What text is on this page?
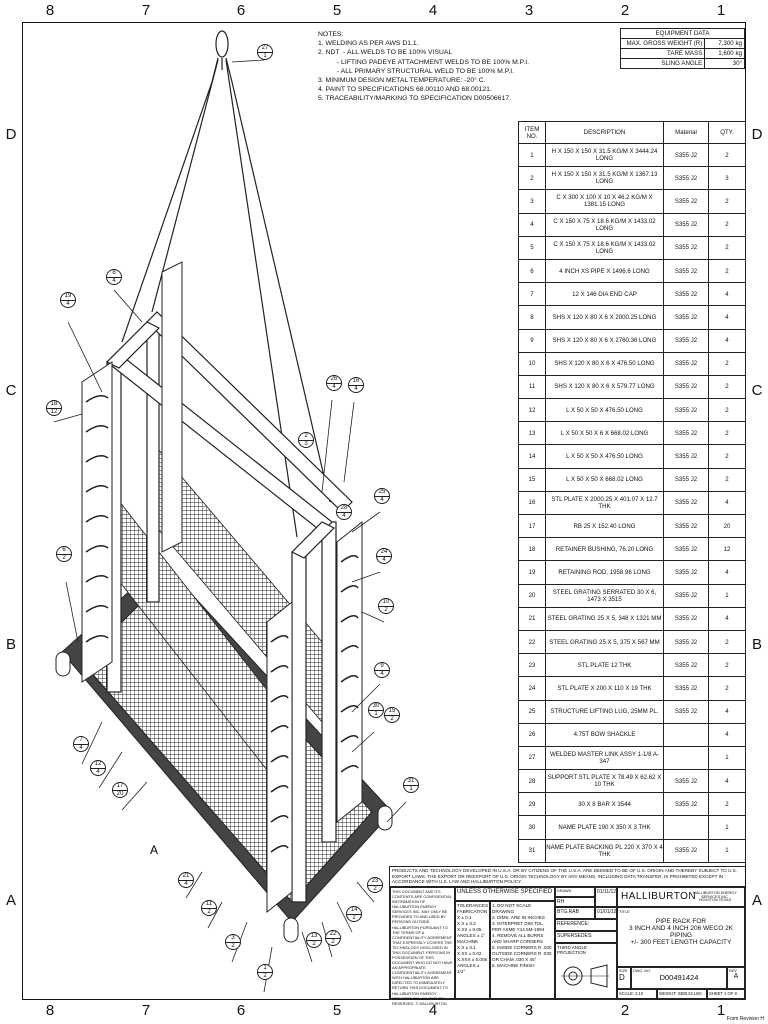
8	7	6	5	4	3	2	1
8	7	6	5	4	3	2	1
D
C
B
A
D
C
B
A
A
27
1
8
4
19
4
18
12
6
2
26
4
16
4
25
4
24
4
10
2
9
4
30
1
31
1
7
4
12
4
17
20
21
4
11
2
3
2
1
2
13
2
22
2
14
2
23
2
15
2
28
4
2
3
NOTES:
1. WELDING AS PER AWS D1.1.
2. NDT  - ALL WELDS TO BE 100% VISUAL
- LIFTING PADEYE ATTACHMENT WELDS TO BE 100% M.P.I.
- ALL PRIMARY STRUCTURAL WELD TO BE 100% M.P.I.
3. MINIMUM DESIGN METAL TEMPERATURE: -20° C.
4. PAINT TO SPECIFICATIONS 68.00110 AND 68.00121.
5. TRACEABILITY/MARKING TO SPECIFICATION D00506617.
EQUIPMENT DATA	
MAX. GROSS WEIGHT (R)	7,300 kg
TARE MASS	1,600 kg
SLING ANGLE	30°
ITEM NO.	DESCRIPTION	Material	QTY.
1	H X 150 X 150 X 31.5 KG/M X 3444.24 LONG	S355 J2	2
2	H X 150 X 150 X 31.5 KG/M X 1367.13 LONG	S355 J2	3
3	C X 300 X 100 X 10 X 46.2 KG/M X 1381.15 LONG	S355 J2	2
4	C X 150 X 75 X 18.6 KG/M X 1433.02 LONG	S355 J2	2
5	C X 150 X 75 X 18.6 KG/M X 1433.02 LONG	S355 J2	2
6	4 INCH XS PIPE X 1496.6 LONG	S355 J2	2
7	12 X 146 DIA END CAP	S355 J2	4
8	SHS X 120 X 80 X 6 X 2000.25 LONG	S355 J2	4
9	SHS X 120 X 80 X 6 X 2760.36 LONG	S355 J2	4
10	SHS X 120 X 80 X 6 X 476.50 LONG	S355 J2	2
11	SHS X 120 X 80 X 6 X 579.77 LONG	S355 J2	2
12	L X 50 X 50 X 476.50 LONG	S355 J2	2
13	L X 50 X 50 X 6 X 668.02 LONG	S355 J2	2
14	L X 50 X 50 X 476.50 LONG	S355 J2	2
15	L X 50 X 50 X 668.02 LONG	S355 J2	2
16	STL PLATE X 2000.25 X 401.07 X 12.7 THK	S355 J2	4
17	RB 25 X 152.40 LONG	S355 J2	20
18	RETAINER BUSHING, 76.20 LONG	S355 J2	12
19	RETAINING ROD, 1958.96 LONG	S355 J2	4
20	STEEL GRATING SERRATED 30 X 6, 1473 X 3515	S355 J2	1
21	STEEL GRATING 25 X 5, 348 X 1321 MM	S355 J2	4
22	STEEL GRATING 25 X 5, 375 X 567 MM	S355 J2	2
23	STL PLATE 12 THK	S355 J2	2
24	STL PLATE X 200 X 110 X 19 THK	S355 J2	2
25	STRUCTURE LIFTING LUG, 25MM PL.	S355 J2	4
26	4.75T BOW SHACKLE		4
27	WELDED MASTER LINK ASSY 1-1/8 A-347		1
28	SUPPORT STL PLATE X 78.49 X 62.62 X 10 THK	S355 J2	4
29	30 X 8 BAR X 3544	S355 J2	2
30	NAME PLATE 190 X 350 X 3 THK		1
31	NAME PLATE BACKING PL 220 X 370 X 4 THK	S355 J2	1
PRODUCTS AND TECHNOLOGY DEVELOPED IN U.S.A. OR BY CITIZENS OF THE U.S.A. ARE DEEMED TO BE OF U.S. ORIGIN AND THEREBY SUBJECT TO U.S. EXPORT LAWS. THE EXPORT OR REEXPORT OF U.S. ORIGIN TECHNOLOGY BY ANY MEANS, INCLUDING DATA TRANSFER, IS PROHIBITED EXCEPT IN ACCORDANCE WITH U.S. LAW AND HALLIBURTON POLICY.
THIS DOCUMENT AND ITS CONTENTS ARE CONFIDENTIAL INFORMATION OF HALLIBURTON ENERGY SERVICES INC. MAY ONLY BE PROVIDED TO AND USED BY PERSONS OUTSIDE HALLIBURTON PURSUANT TO THE TERMS OF A CONFIDENTIALITY AGREEMENT THAT EXPRESSLY COVERS THE TECHNOLOGY DISCLOSED IN THIS DOCUMENT. PERSONS IN POSSESSION OF THIS DOCUMENT WHO DO NOT HAVE AN APPROPRIATE CONFIDENTIALITY AGREEMENT WITH HALLIBURTON ARE DIRECTED TO IMMEDIATELY RETURN THIS DOCUMENT TO HALLIBURTON ENERGY SERVICES INC. ALL RIGHTS RESERVED. © HALLIBURTON
UNLESS OTHERWISE SPECIFIED
TOLERANCES
FABRICATION
X ± 0.1
X.X ± 0.2
X.XX ± 0.05
ANGLES ± 1°
MACHINE
X.X ± 0.1
X.XX ± 0.02
X.XXX ± 0.005
ANGLES ± 1/2°
1. DO NOT SCALE DRAWING
2. DIMS. ARE IN INCHES
3. INTERPRET DIM TOL PER ASME Y14.5M-1994
4. REMOVE ALL BURRS AND SHARP CORNERS
5. INSIDE CORNERS R .030 OUTSIDE CORNERS R .030 OR CHAM .030 X 45°
6. MACHINE FINISH
DRAWN
RH
01/11/12
BTG.RAB	01/01/12
REFERENCE:
SUPERSEDES:
THIRD ANGLE PROJECTION
HALLIBURTON
HALLIBURTON ENERGY SERVICES INC.
HOUSTON TEXAS
TITLE
PIPE RACK FOR
3 INCH AND 4 INCH 206 WECO 2K PIPING
+/- 300 FEET LENGTH CAPACITY
SIZE
D
DWG. NO.
D00491424
REV
A
SCALE: 1:10	WEIGHT: 3388.24 LBS	SHEET 1 OF 8
Form Revision H
